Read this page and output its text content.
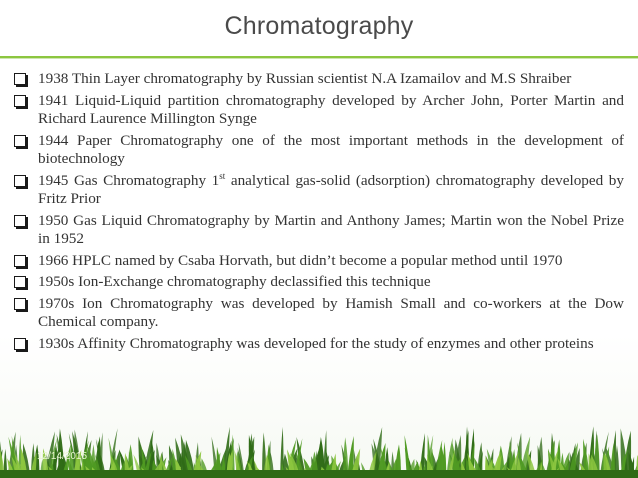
Chromatography
1938 Thin Layer chromatography by Russian scientist N.A Izamailov and M.S Shraiber
1941 Liquid-Liquid partition chromatography developed by Archer John, Porter Martin and Richard Laurence Millington Synge
1944 Paper Chromatography one of the most important methods in the development of biotechnology
1945 Gas Chromatography 1st analytical gas-solid (adsorption) chromatography developed by Fritz Prior
1950 Gas Liquid Chromatography by Martin and Anthony James; Martin won the Nobel Prize in 1952
1966 HPLC named by Csaba Horvath, but didn’t become a popular method until 1970
1950s Ion-Exchange chromatography declassified this technique
1970s Ion Chromatography was developed by Hamish Small and co-workers at the Dow Chemical company.
1930s Affinity Chromatography was developed for the study of enzymes and other proteins
12/14/2015
